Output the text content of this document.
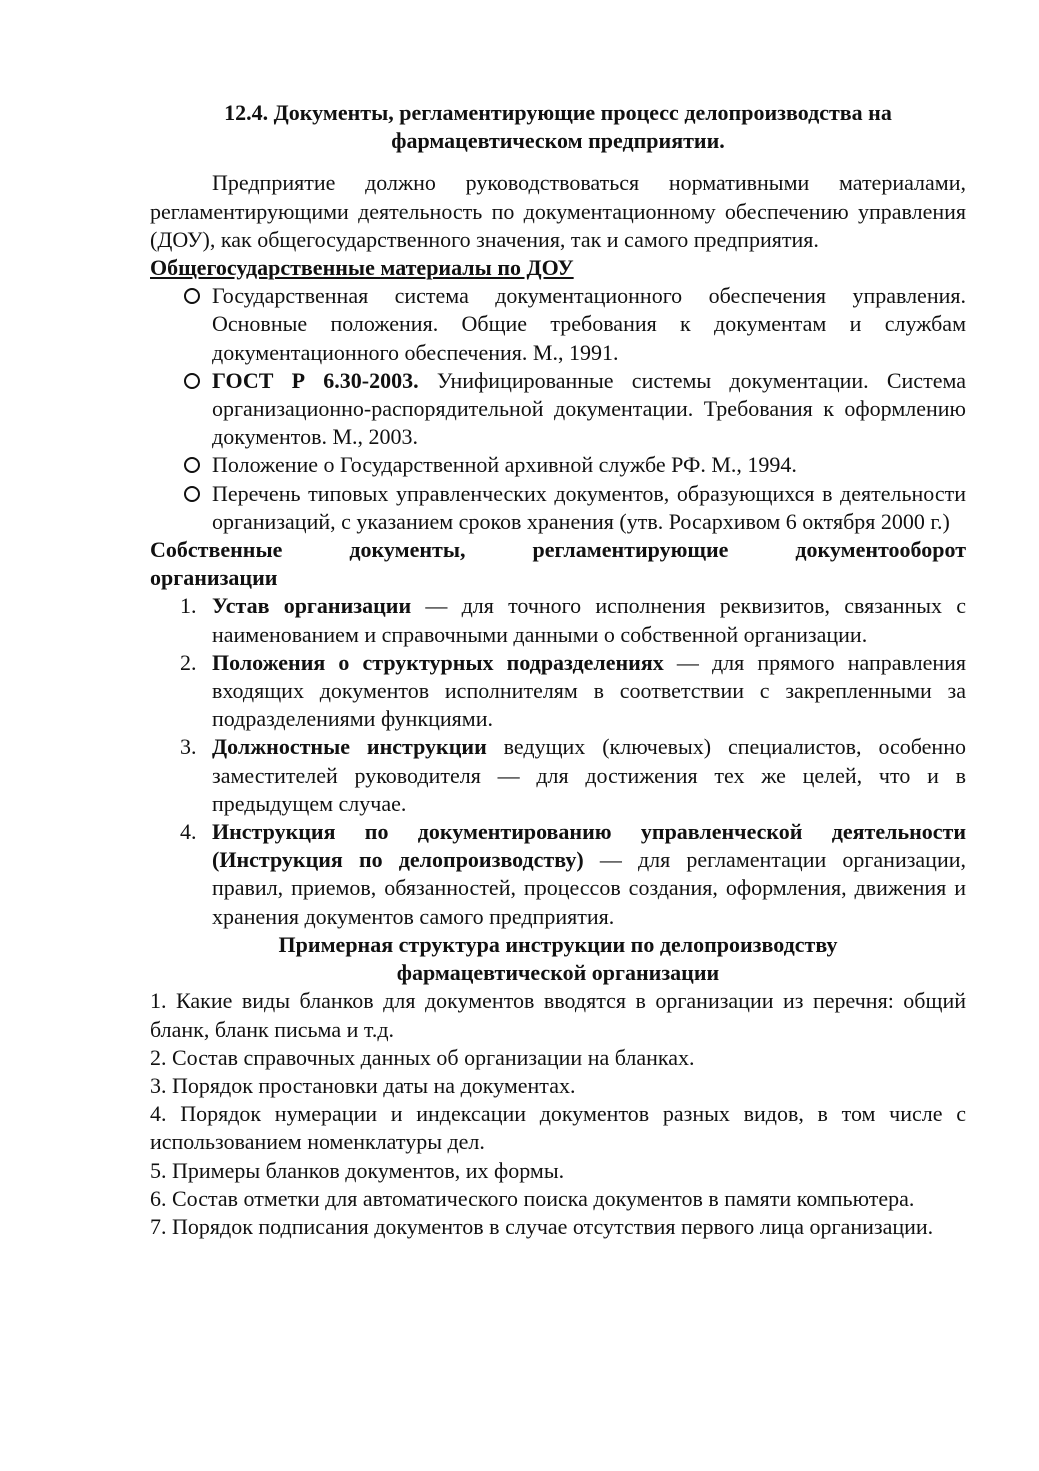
12.4. Документы, регламентирующие процесс делопроизводства на
фармацевтическом предприятии.

Предприятие должно руководствоваться нормативными материалами, регламентирующими деятельность по документационному обеспечению управления (ДОУ), как общегосударственного значения, так и самого предприятия.

Общегосударственные материалы по ДОУ

Государственная система документационного обеспечения управления. Основные положения. Общие требования к документам и службам документационного обеспечения. М., 1991.
ГОСТ Р 6.30-2003. Унифицированные системы документации. Система организационно-распорядительной документации. Требования к оформлению документов. М., 2003.
Положение о Государственной архивной службе РФ. М., 1994.
Перечень типовых управленческих документов, образующихся в деятельности организаций, с указанием сроков хранения (утв. Росархивом 6 октября 2000 г.)
Собственные документы, регламентирующие документооборот
организации
1. Устав организации — для точного исполнения реквизитов, связанных с наименованием и справочными данными о собственной организации.
2. Положения о структурных подразделениях — для прямого направления входящих документов исполнителям в соответствии с закрепленными за подразделениями функциями.
3. Должностные инструкции ведущих (ключевых) специалистов, особенно заместителей руководителя — для достижения тех же целей, что и в предыдущем случае.
4. Инструкция по документированию управленческой деятельности (Инструкция по делопроизводству) — для регламентации организации, правил, приемов, обязанностей, процессов создания, оформления, движения и хранения документов самого предприятия.
Примерная структура инструкции по делопроизводству
фармацевтической организации

1. Какие виды бланков для документов вводятся в организации из перечня: общий бланк, бланк письма и т.д.

2. Состав справочных данных об организации на бланках.

3. Порядок простановки даты на документах.

4. Порядок нумерации и индексации документов разных видов, в том числе с использованием номенклатуры дел.

5. Примеры бланков документов, их формы.

6. Состав отметки для автоматического поиска документов в памяти компьютера.

7. Порядок подписания документов в случае отсутствия первого лица организации.
